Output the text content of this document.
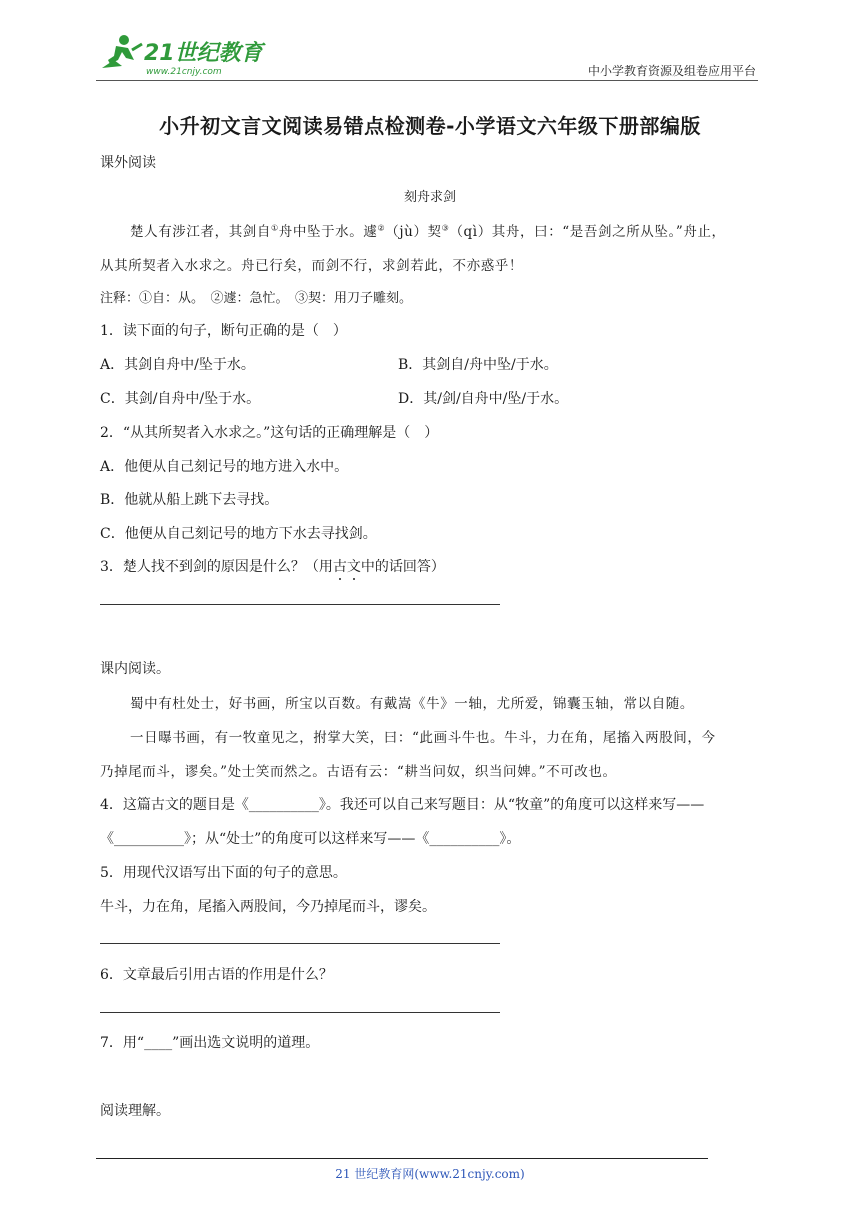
21世纪教育
www.21cnjy.com	中小学教育资源及组卷应用平台
小升初文言文阅读易错点检测卷-小学语文六年级下册部编版
课外阅读
刻舟求剑
楚人有涉江者，其剑自①舟中坠于水。遽②（jù）契③（qì）其舟，曰：“是吾剑之所从坠。”舟止，
从其所契者入水求之。舟已行矣，而剑不行，求剑若此，不亦惑乎！
注释：①自：从。　②遽：急忙。　③契：用刀子雕刻。
1．读下面的句子，断句正确的是（　）
A．其剑自舟中/坠于水。	B．其剑自/舟中坠/于水。
C．其剑/自舟中/坠于水。	D．其/剑/自舟中/坠/于水。
2．“从其所契者入水求之。”这句话的正确理解是（　）
A．他便从自己刻记号的地方进入水中。
B．他就从船上跳下去寻找。
C．他便从自己刻记号的地方下水去寻找剑。
3．楚人找不到剑的原因是什么？（用古文中的话回答）
课内阅读。
蜀中有杜处士，好书画，所宝以百数。有戴嵩《牛》一轴，尤所爱，锦囊玉轴，常以自随。
一日曝书画，有一牧童见之，拊掌大笑，曰：“此画斗牛也。牛斗，力在角，尾搐入两股间，今
乃掉尾而斗，谬矣。”处士笑而然之。古语有云：“耕当问奴，织当问婢。”不可改也。
4．这篇古文的题目是《__________》。我还可以自己来写题目：从“牧童”的角度可以这样来写——
《__________》；从“处士”的角度可以这样来写——《__________》。
5．用现代汉语写出下面的句子的意思。
牛斗，力在角，尾搐入两股间，今乃掉尾而斗，谬矣。
6．文章最后引用古语的作用是什么？
7．用“____”画出选文说明的道理。
阅读理解。
21 世纪教育网(www.21cnjy.com)
